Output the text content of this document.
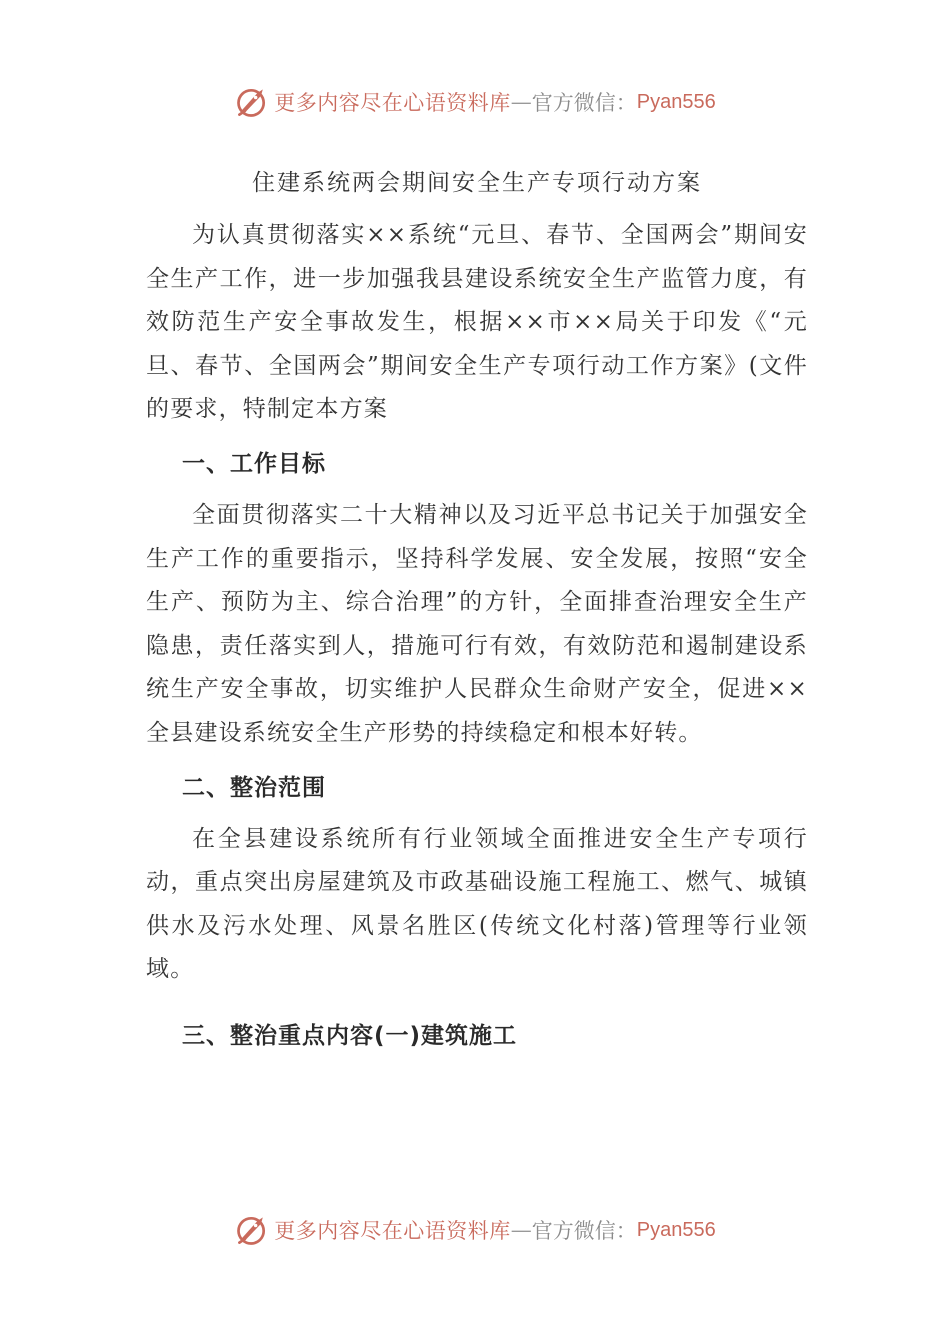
更多内容尽在心语资料库 — 官方微信： Pyan556
住建系统两会期间安全生产专项行动方案

为认真贯彻落实××系统“元旦、春节、全国两会”期间安全生产工作，进一步加强我县建设系统安全生产监管力度，有效防范生产安全事故发生，根据××市××局关于印发《“元旦、春节、全国两会”期间安全生产专项行动工作方案》(文件的要求，特制定本方案

一、工作目标

全面贯彻落实二十大精神以及习近平总书记关于加强安全生产工作的重要指示，坚持科学发展、安全发展，按照“安全生产、预防为主、综合治理”的方针，全面排查治理安全生产隐患，责任落实到人，措施可行有效，有效防范和遏制建设系统生产安全事故，切实维护人民群众生命财产安全，促进××全县建设系统安全生产形势的持续稳定和根本好转。

二、整治范围

在全县建设系统所有行业领域全面推进安全生产专项行动，重点突出房屋建筑及市政基础设施工程施工、燃气、城镇供水及污水处理、风景名胜区(传统文化村落)管理等行业领域。

三、整治重点内容(一)建筑施工
更多内容尽在心语资料库 — 官方微信： Pyan556
